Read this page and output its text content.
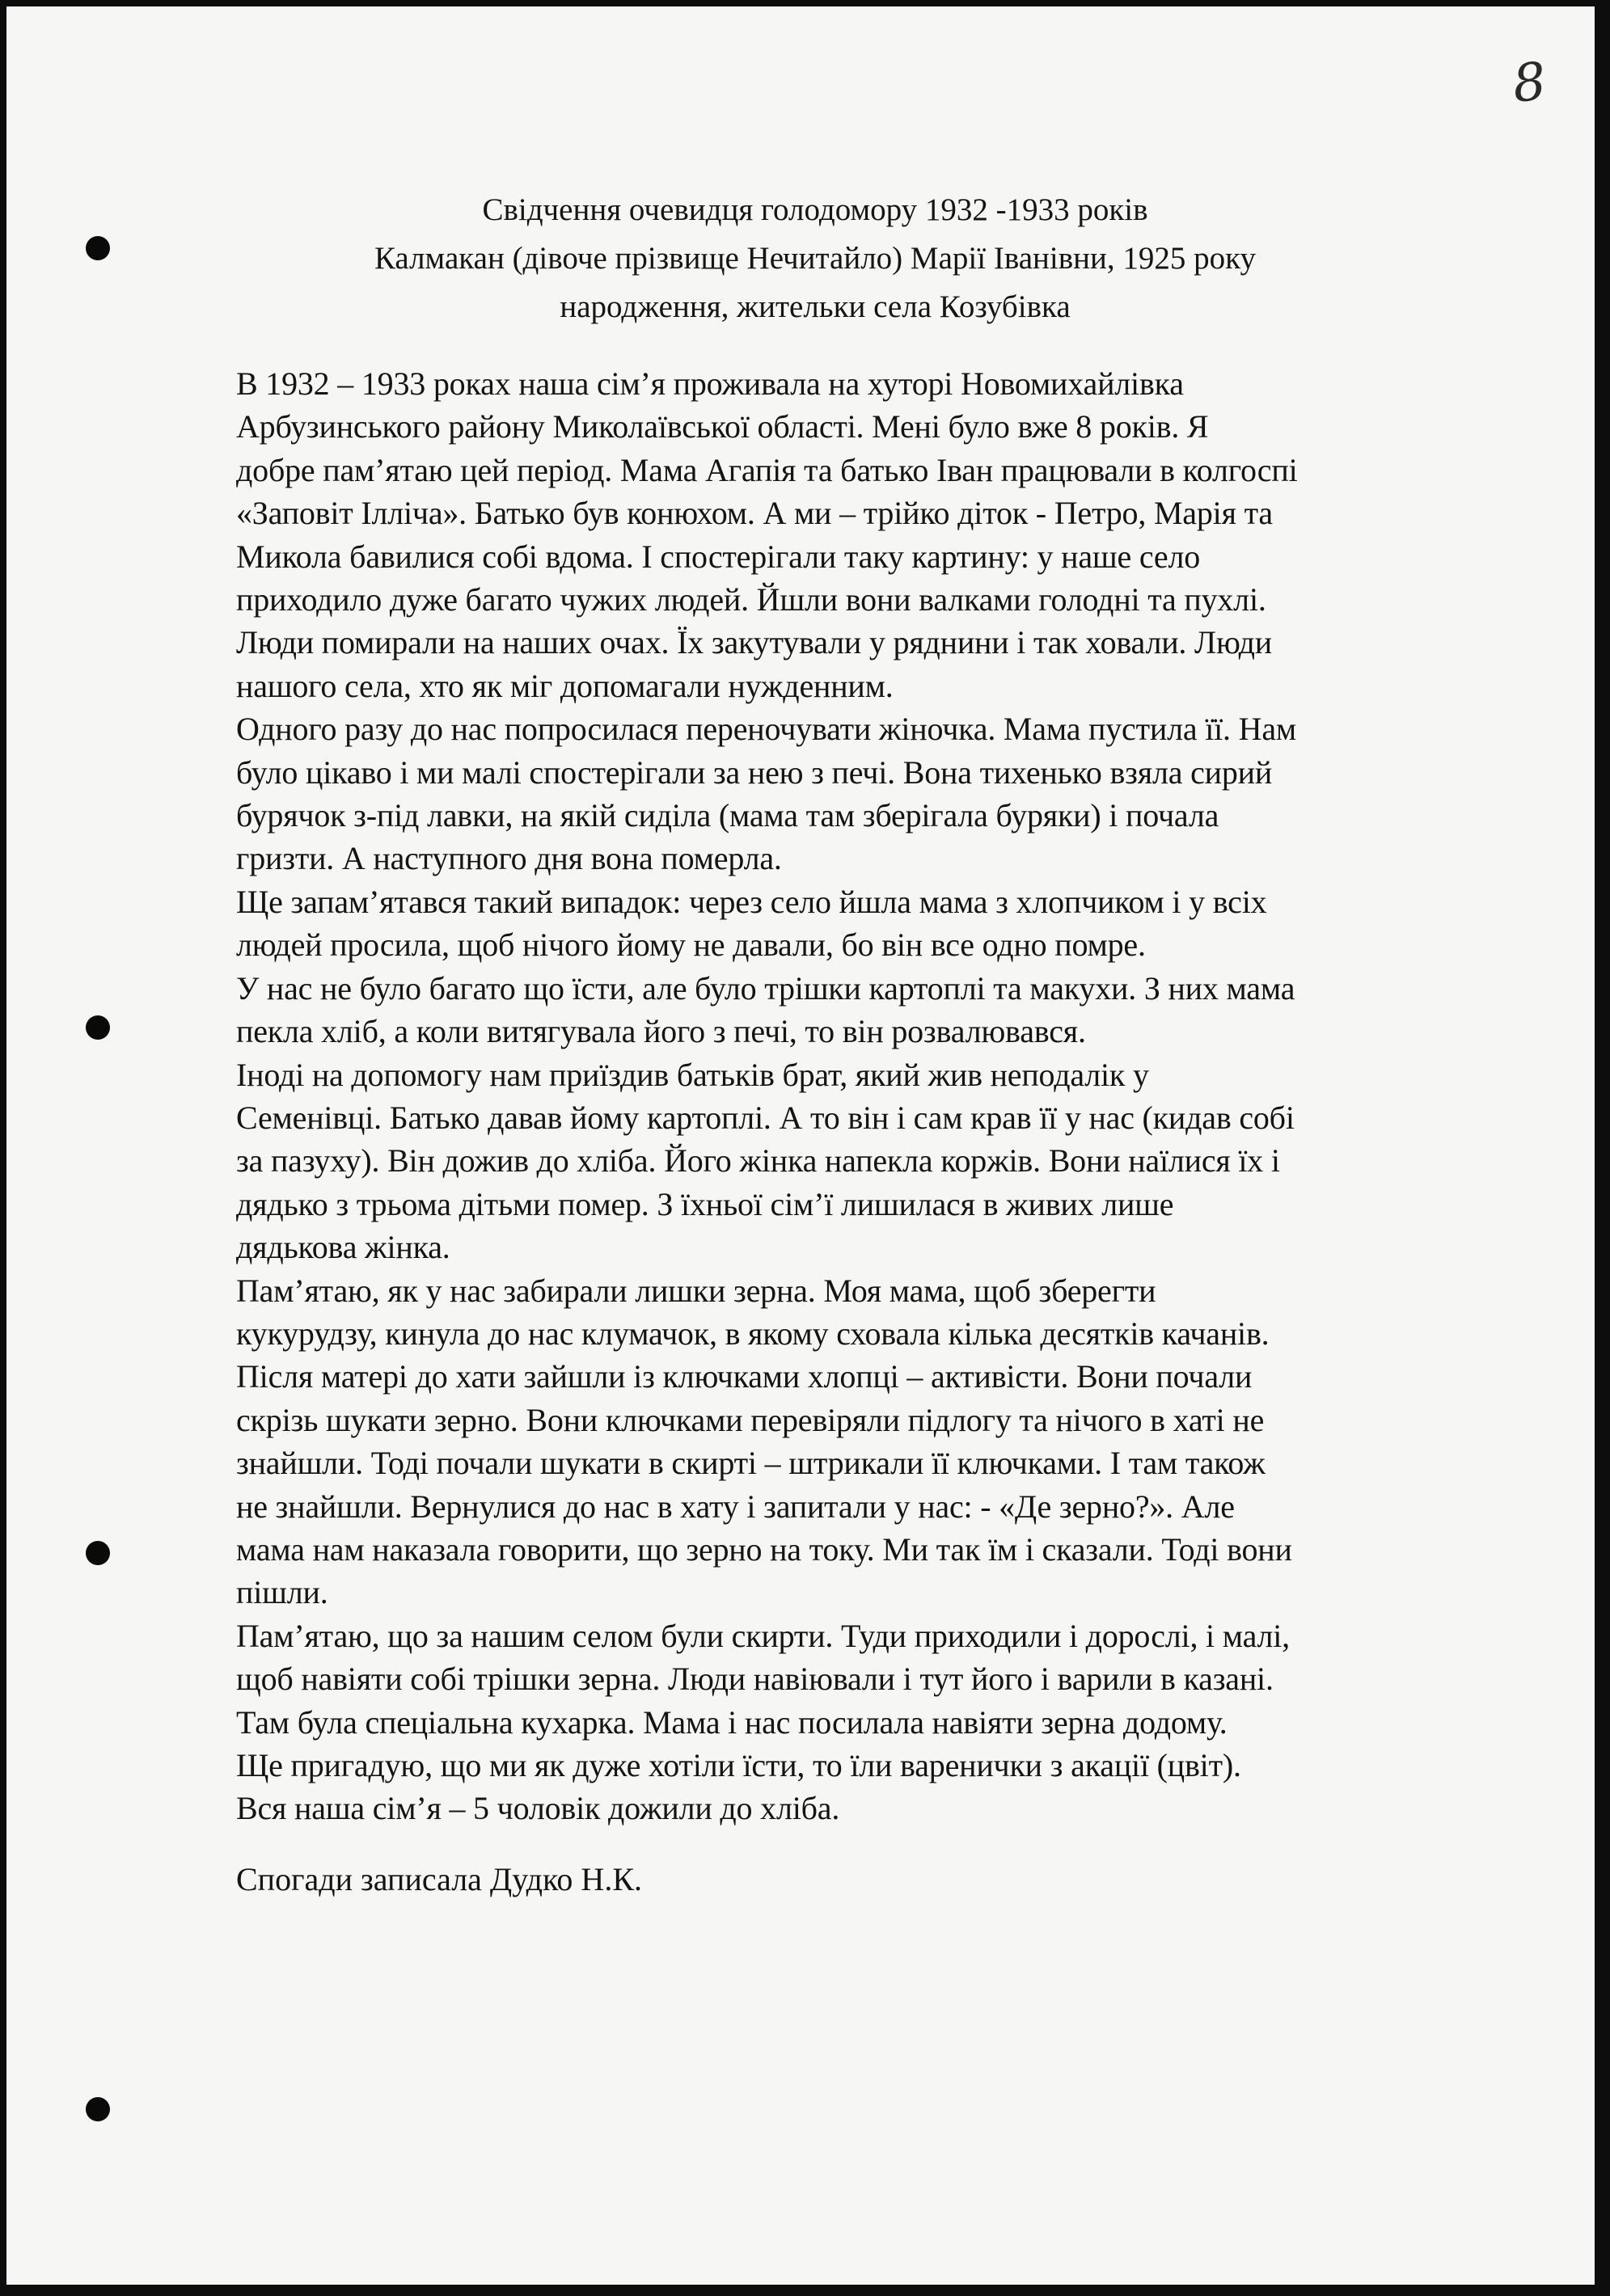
8
Свідчення очевидця голодомору 1932 -1933 років
Калмакан (дівоче прізвище Нечитайло) Марії Іванівни, 1925 року
народження, жительки села Козубівка
В 1932 – 1933 роках наша сім’я проживала на хуторі Новомихайлівка
Арбузинського району Миколаївської області. Мені було вже 8 років. Я
добре пам’ятаю цей період. Мама Агапія та батько Іван працювали в колгоспі
«Заповіт Ілліча». Батько був конюхом. А ми – трійко діток - Петро, Марія та
Микола бавилися собі вдома. І спостерігали таку картину: у наше село
приходило дуже багато чужих людей. Йшли вони валками голодні та пухлі.
Люди помирали на наших очах. Їх закутували у ряднини і так ховали. Люди
нашого села, хто як міг допомагали нужденним.
Одного разу до нас попросилася переночувати жіночка. Мама пустила її. Нам
було цікаво і ми малі спостерігали за нею з печі. Вона тихенько взяла сирий
бурячок з-під лавки, на якій сиділа (мама там зберігала буряки) і почала
гризти. А наступного дня вона померла.
Ще запам’ятався такий випадок: через село йшла мама з хлопчиком і у всіх
людей просила, щоб нічого йому не давали, бо він все одно помре.
У нас не було багато що їсти, але було трішки картоплі та макухи. З них мама
пекла хліб, а коли витягувала його з печі, то він розвалювався.
Іноді на допомогу нам приїздив батьків брат, який жив неподалік у
Семенівці. Батько давав йому картоплі. А то він і сам крав її у нас (кидав собі
за пазуху). Він дожив до хліба. Його жінка напекла коржів. Вони наїлися їх і
дядько з трьома дітьми помер. З їхньої сім’ї лишилася в живих лише
дядькова жінка.
Пам’ятаю, як у нас забирали лишки зерна. Моя мама, щоб зберегти
кукурудзу, кинула до нас клумачок, в якому сховала кілька десятків качанів.
Після матері до хати зайшли із ключками хлопці – активісти. Вони почали
скрізь шукати зерно. Вони ключками перевіряли підлогу та нічого в хаті не
знайшли. Тоді почали шукати в скирті – штрикали її ключками. І там також
не знайшли. Вернулися до нас в хату і запитали у нас: - «Де зерно?». Але
мама нам наказала говорити, що зерно на току. Ми так їм і сказали. Тоді вони
пішли.
Пам’ятаю, що за нашим селом були скирти. Туди приходили і дорослі, і малі,
щоб навіяти собі трішки зерна. Люди навіювали і тут його і варили в казані.
Там була спеціальна кухарка. Мама і нас посилала навіяти зерна додому.
Ще пригадую, що ми як дуже хотіли їсти, то їли варенички з акації (цвіт).
Вся наша сім’я – 5 чоловік дожили до хліба.
Спогади записала Дудко Н.К.
